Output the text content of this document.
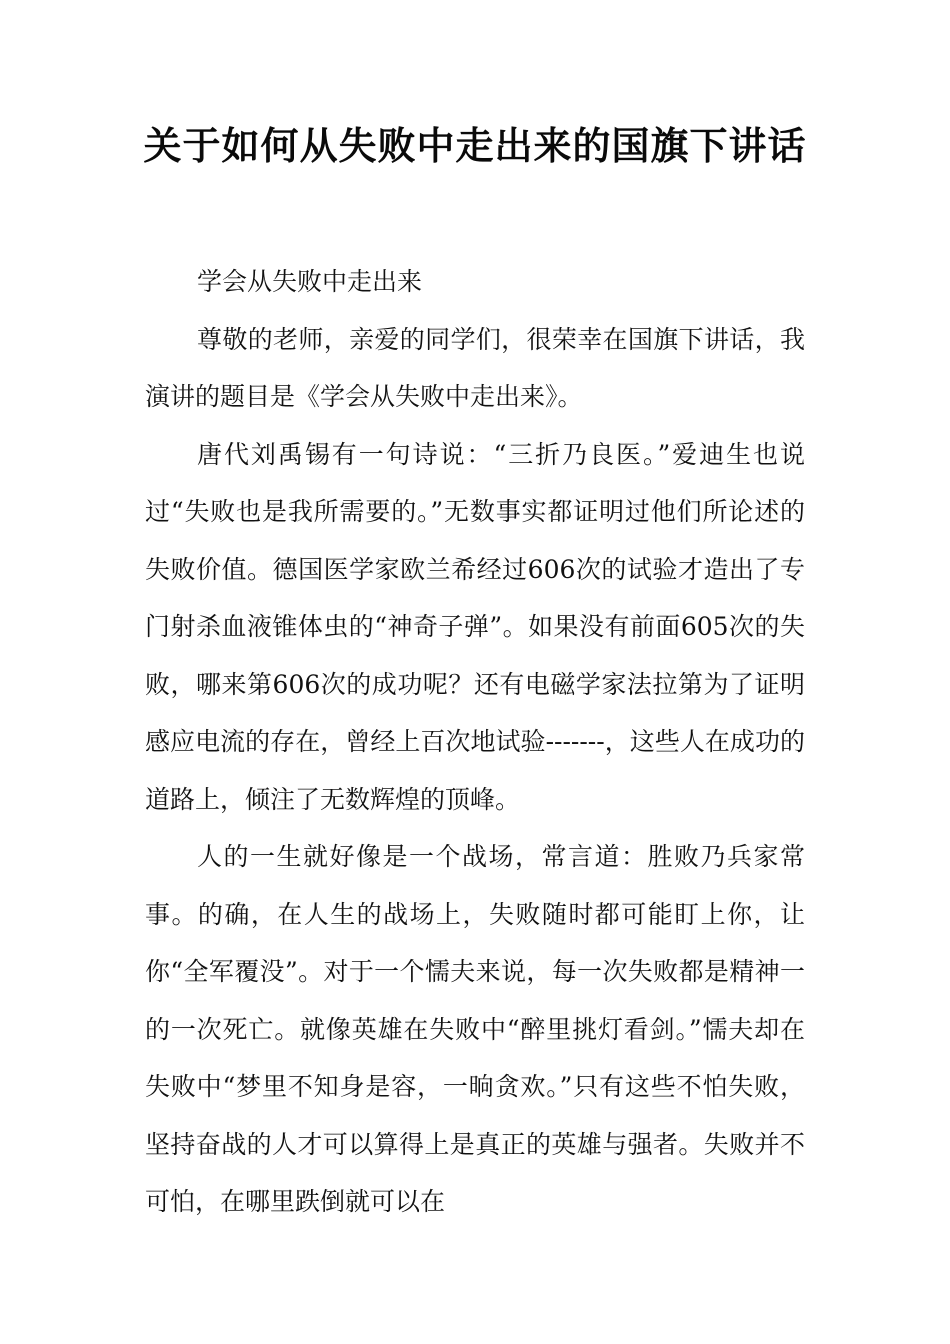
关于如何从失败中走出来的国旗下讲话

学会从失败中走出来

尊敬的老师，亲爱的同学们，很荣幸在国旗下讲话，我演讲的题目是《学会从失败中走出来》。

唐代刘禹锡有一句诗说：“三折乃良医。”爱迪生也说过“失败也是我所需要的。”无数事实都证明过他们所论述的失败价值。德国医学家欧兰希经过606次的试验才造出了专门射杀血液锥体虫的“神奇子弹”。如果没有前面605次的失败，哪来第606次的成功呢？还有电磁学家法拉第为了证明感应电流的存在，曾经上百次地试验-------，这些人在成功的道路上，倾注了无数辉煌的顶峰。

人的一生就好像是一个战场，常言道：胜败乃兵家常事。的确，在人生的战场上，失败随时都可能盯上你，让你“全军覆没”。对于一个懦夫来说，每一次失败都是精神一的一次死亡。就像英雄在失败中“醉里挑灯看剑。”懦夫却在失败中“梦里不知身是容，一晌贪欢。”只有这些不怕失败，坚持奋战的人才可以算得上是真正的英雄与强者。失败并不可怕，在哪里跌倒就可以在
